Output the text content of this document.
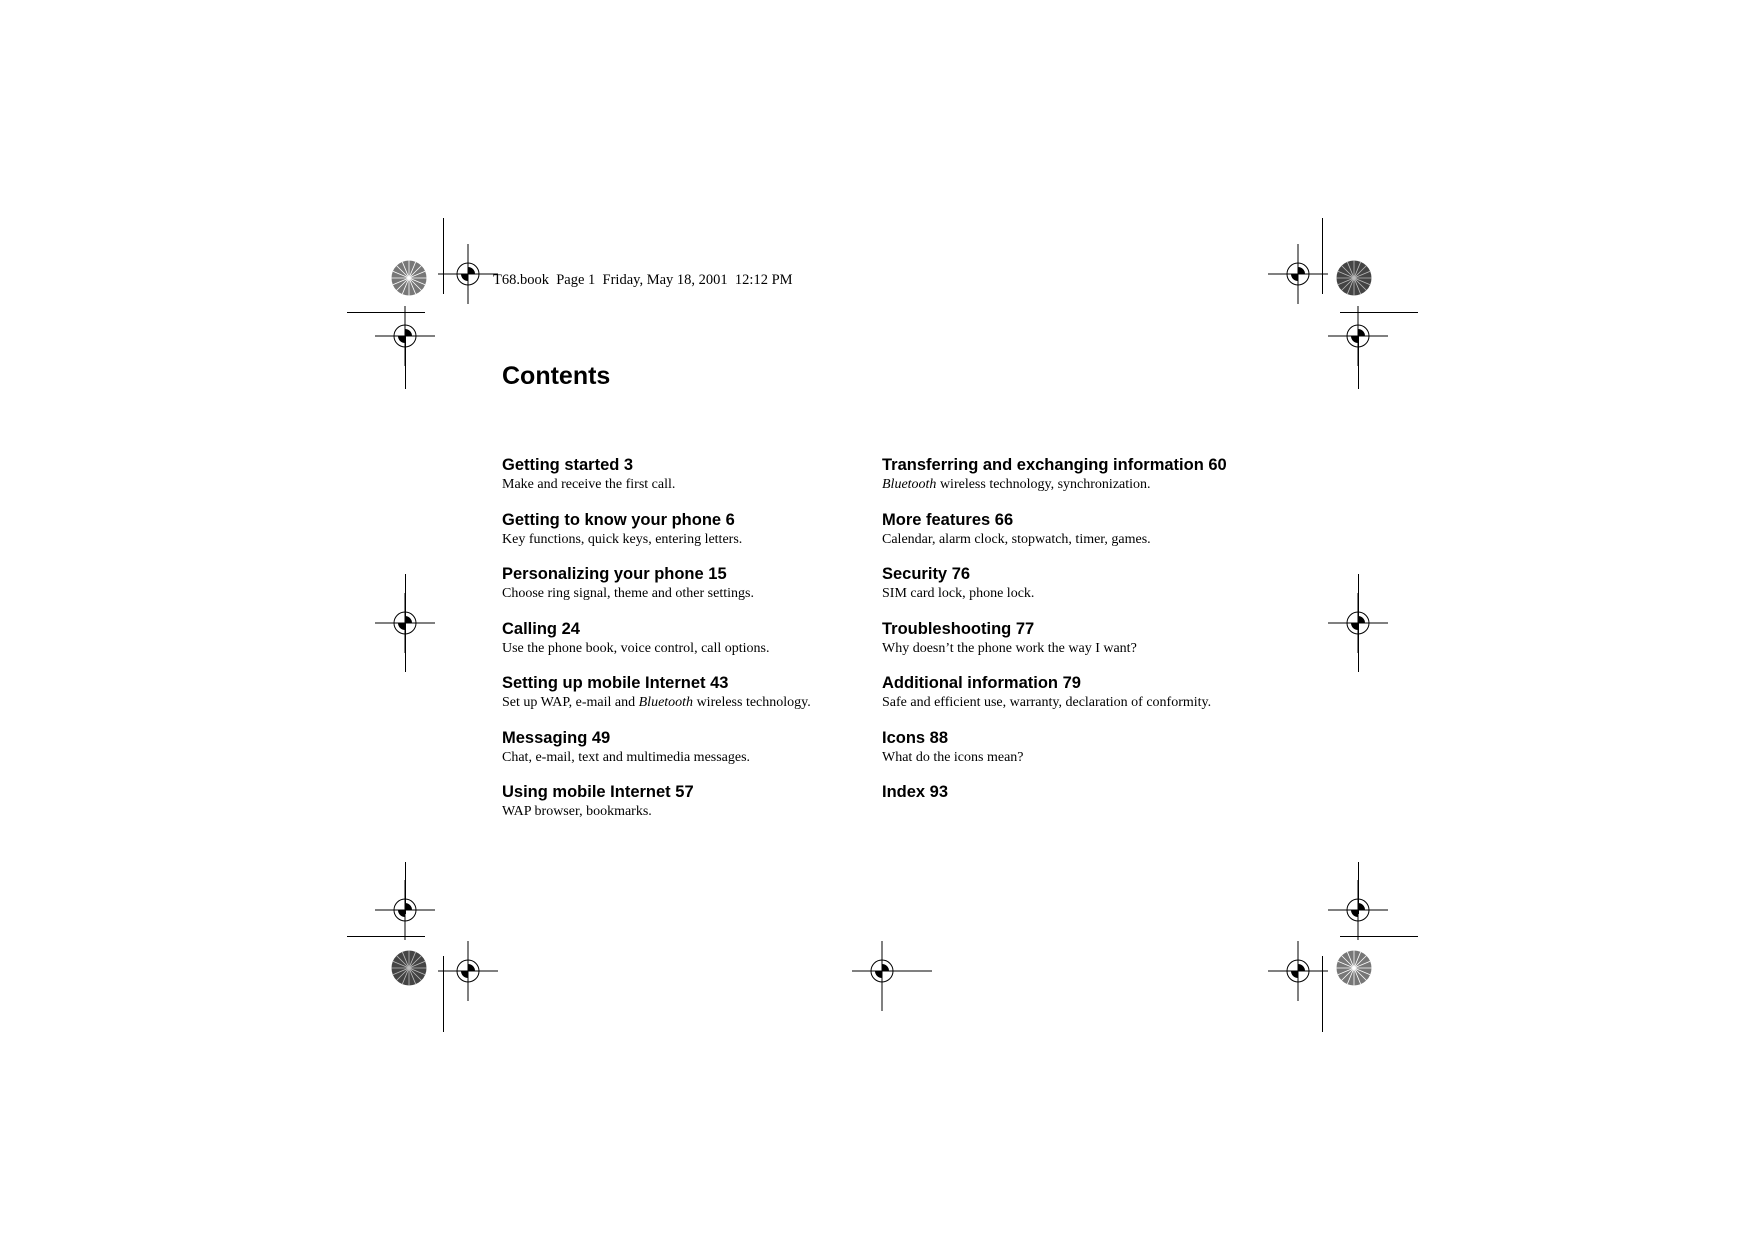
T68.book  Page 1  Friday, May 18, 2001  12:12 PM
Contents
Getting started 3
Make and receive the first call.
Getting to know your phone 6
Key functions, quick keys, entering letters.
Personalizing your phone 15
Choose ring signal, theme and other settings.
Calling 24
Use the phone book, voice control, call options.
Setting up mobile Internet 43
Set up WAP, e-mail and Bluetooth wireless technology.
Messaging 49
Chat, e-mail, text and multimedia messages.
Using mobile Internet 57
WAP browser, bookmarks.
Transferring and exchanging information 60
Bluetooth wireless technology, synchronization.
More features 66
Calendar, alarm clock, stopwatch, timer, games.
Security 76
SIM card lock, phone lock.
Troubleshooting 77
Why doesn’t the phone work the way I want?
Additional information 79
Safe and efficient use, warranty, declaration of conformity.
Icons 88
What do the icons mean?
Index 93
